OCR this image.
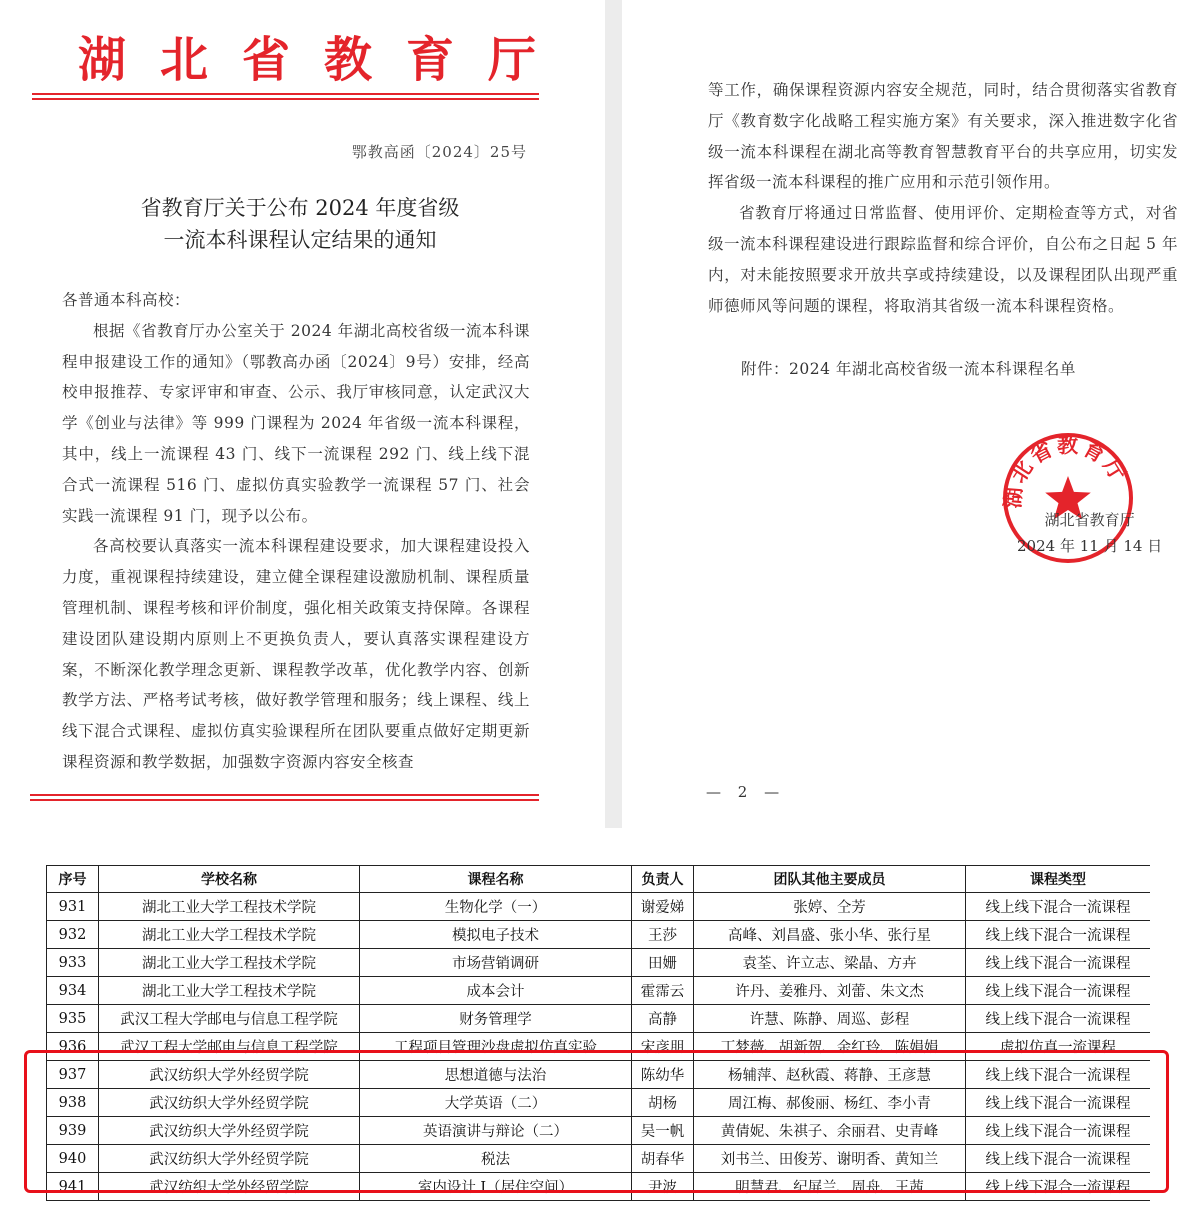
湖北省教育厅
鄂教高函〔2024〕25号
省教育厅关于公布 2024 年度省级
一流本科课程认定结果的通知

各普通本科高校：

根据《省教育厅办公室关于 2024 年湖北高校省级一流本科课程申报建设工作的通知》（鄂教高办函〔2024〕9号）安排，经高校申报推荐、专家评审和审查、公示、我厅审核同意，认定武汉大学《创业与法律》等 999 门课程为 2024 年省级一流本科课程，其中，线上一流课程 43 门、线下一流课程 292 门、线上线下混合式一流课程 516 门、虚拟仿真实验教学一流课程 57 门、社会实践一流课程 91 门，现予以公布。

各高校要认真落实一流本科课程建设要求，加大课程建设投入力度，重视课程持续建设，建立健全课程建设激励机制、课程质量管理机制、课程考核和评价制度，强化相关政策支持保障。各课程建设团队建设期内原则上不更换负责人，要认真落实课程建设方案，不断深化教学理念更新、课程教学改革，优化教学内容、创新教学方法、严格考试考核，做好教学管理和服务；线上课程、线上线下混合式课程、虚拟仿真实验课程所在团队要重点做好定期更新课程资源和教学数据，加强数字资源内容安全核查

等工作，确保课程资源内容安全规范，同时，结合贯彻落实省教育厅《教育数字化战略工程实施方案》有关要求，深入推进数字化省级一流本科课程在湖北高等教育智慧教育平台的共享应用，切实发挥省级一流本科课程的推广应用和示范引领作用。

省教育厅将通过日常监督、使用评价、定期检查等方式，对省级一流本科课程建设进行跟踪监督和综合评价，自公布之日起 5 年内，对未能按照要求开放共享或持续建设，以及课程团队出现严重师德师风等问题的课程，将取消其省级一流本科课程资格。

附件：2024 年湖北高校省级一流本科课程名单
湖北省教育厅
湖北省教育厅
2024 年 11 月 14 日
— 2 —
序号	学校名称	课程名称	负责人	团队其他主要成员	课程类型
931	湖北工业大学工程技术学院	生物化学（一）	谢爱娣	张婷、仝芳	线上线下混合一流课程
932	湖北工业大学工程技术学院	模拟电子技术	王莎	高峰、刘昌盛、张小华、张行星	线上线下混合一流课程
933	湖北工业大学工程技术学院	市场营销调研	田姗	袁荃、许立志、梁晶、方卉	线上线下混合一流课程
934	湖北工业大学工程技术学院	成本会计	霍霈云	许丹、姜雅丹、刘蕾、朱文杰	线上线下混合一流课程
935	武汉工程大学邮电与信息工程学院	财务管理学	高静	许慧、陈静、周巡、彭程	线上线下混合一流课程
936	武汉工程大学邮电与信息工程学院	工程项目管理沙盘虚拟仿真实验	宋彦朋	丁梦薇、胡新贺、余红玲、陈娟娟	虚拟仿真一流课程
937	武汉纺织大学外经贸学院	思想道德与法治	陈幼华	杨辅萍、赵秋霞、蒋静、王彦慧	线上线下混合一流课程
938	武汉纺织大学外经贸学院	大学英语（二）	胡杨	周江梅、郝俊丽、杨红、李小青	线上线下混合一流课程
939	武汉纺织大学外经贸学院	英语演讲与辩论（二）	吴一帆	黄倩妮、朱祺子、余丽君、史青峰	线上线下混合一流课程
940	武汉纺织大学外经贸学院	税法	胡春华	刘书兰、田俊芳、谢明香、黄知兰	线上线下混合一流课程
941	武汉纺织大学外经贸学院	室内设计 I（居住空间）	尹波	明慧君、纪屏兰、周舟、王茜	线上线下混合一流课程
